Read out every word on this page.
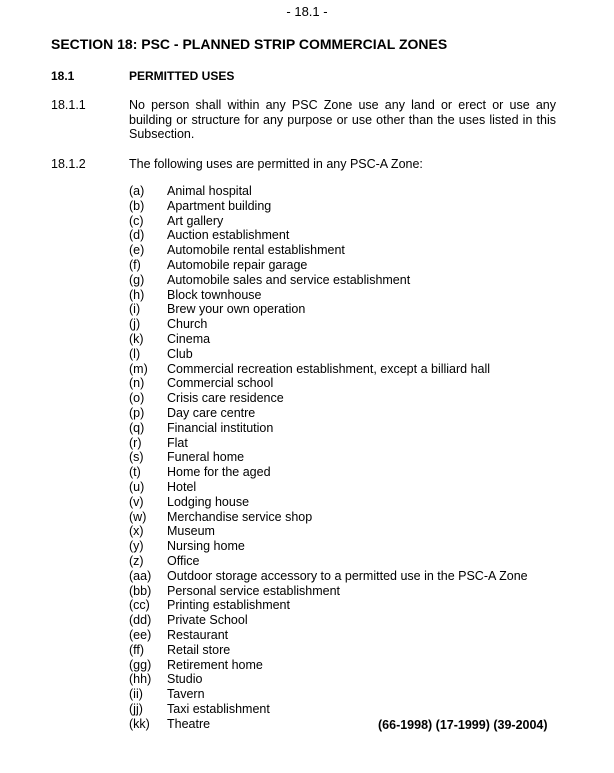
- 18.1 -
SECTION 18: PSC - PLANNED STRIP COMMERCIAL ZONES
18.1	PERMITTED USES
18.1.1	No person shall within any PSC Zone use any land or erect or use any building or structure for any purpose or use other than the uses listed in this Subsection.
18.1.2	The following uses are permitted in any PSC-A Zone:
(a) Animal hospital
(b) Apartment building
(c) Art gallery
(d) Auction establishment
(e) Automobile rental establishment
(f) Automobile repair garage
(g) Automobile sales and service establishment
(h) Block townhouse
(i) Brew your own operation
(j) Church
(k) Cinema
(l) Club
(m) Commercial recreation establishment, except a billiard hall
(n) Commercial school
(o) Crisis care residence
(p) Day care centre
(q) Financial institution
(r) Flat
(s) Funeral home
(t) Home for the aged
(u) Hotel
(v) Lodging house
(w) Merchandise service shop
(x) Museum
(y) Nursing home
(z) Office
(aa) Outdoor storage accessory to a permitted use in the PSC-A Zone
(bb) Personal service establishment
(cc) Printing establishment
(dd) Private School
(ee) Restaurant
(ff) Retail store
(gg) Retirement home
(hh) Studio
(ii) Tavern
(jj) Taxi establishment
(kk) Theatre	(66-1998) (17-1999) (39-2004)
